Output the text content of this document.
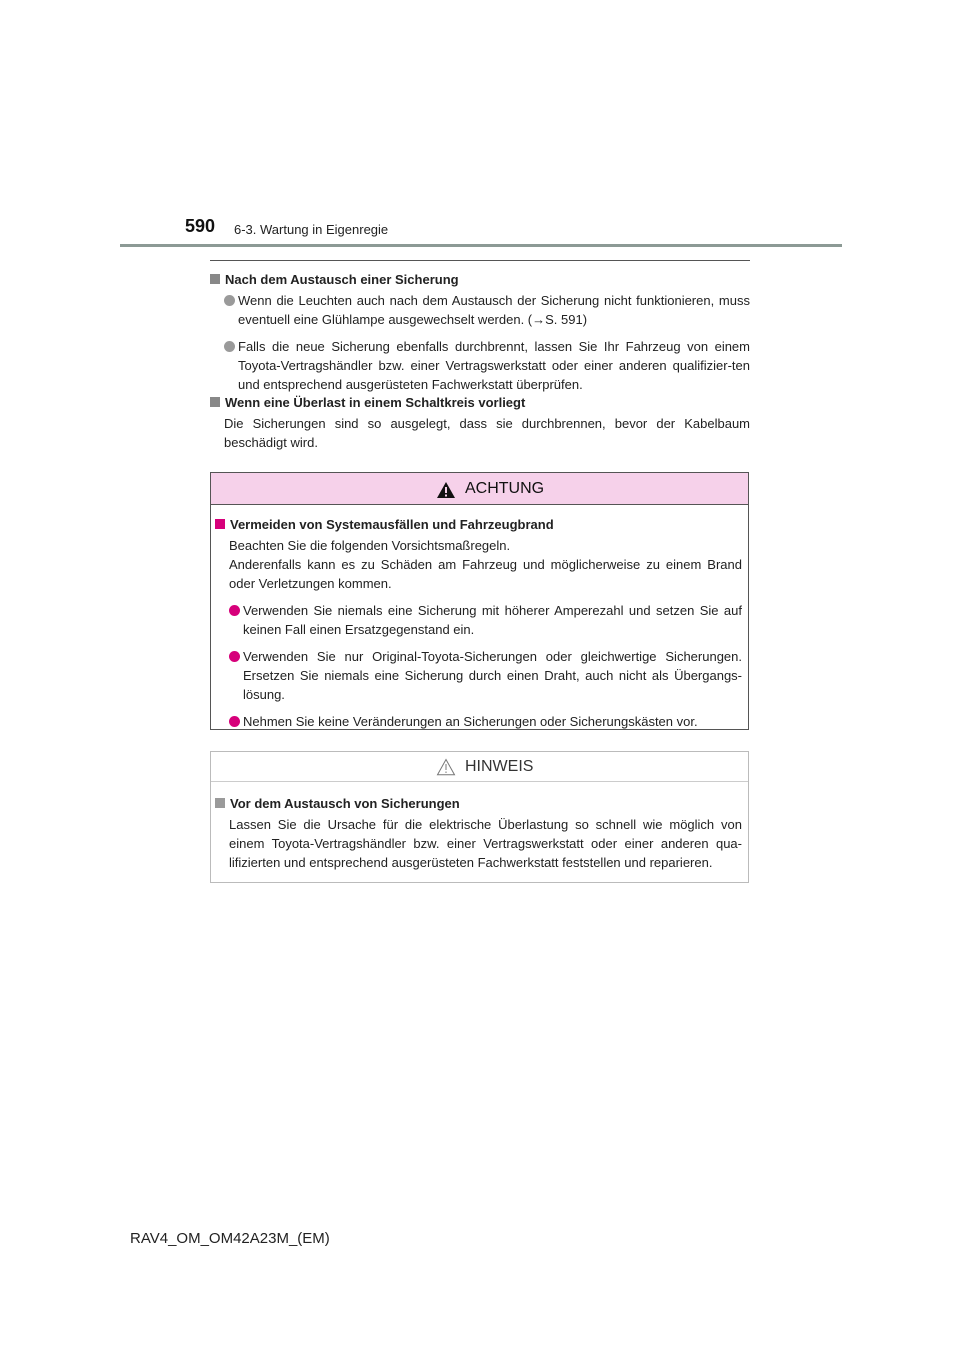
590 6-3. Wartung in Eigenregie
Nach dem Austausch einer Sicherung
Wenn die Leuchten auch nach dem Austausch der Sicherung nicht funktionieren, muss eventuell eine Glühlampe ausgewechselt werden. (→S. 591)
Falls die neue Sicherung ebenfalls durchbrennt, lassen Sie Ihr Fahrzeug von einem Toyota-Vertragshändler bzw. einer Vertragswerkstatt oder einer anderen qualifizier-ten und entsprechend ausgerüsteten Fachwerkstatt überprüfen.
Wenn eine Überlast in einem Schaltkreis vorliegt
Die Sicherungen sind so ausgelegt, dass sie durchbrennen, bevor der Kabelbaum beschädigt wird.
ACHTUNG
Vermeiden von Systemausfällen und Fahrzeugbrand
Beachten Sie die folgenden Vorsichtsmaßregeln.
Anderenfalls kann es zu Schäden am Fahrzeug und möglicherweise zu einem Brand oder Verletzungen kommen.
Verwenden Sie niemals eine Sicherung mit höherer Amperezahl und setzen Sie auf keinen Fall einen Ersatzgegenstand ein.
Verwenden Sie nur Original-Toyota-Sicherungen oder gleichwertige Sicherungen. Ersetzen Sie niemals eine Sicherung durch einen Draht, auch nicht als Übergangs-lösung.
Nehmen Sie keine Veränderungen an Sicherungen oder Sicherungskästen vor.
HINWEIS
Vor dem Austausch von Sicherungen
Lassen Sie die Ursache für die elektrische Überlastung so schnell wie möglich von einem Toyota-Vertragshändler bzw. einer Vertragswerkstatt oder einer anderen qua-lifizierten und entsprechend ausgerüsteten Fachwerkstatt feststellen und reparieren.
RAV4_OM_OM42A23M_(EM)
